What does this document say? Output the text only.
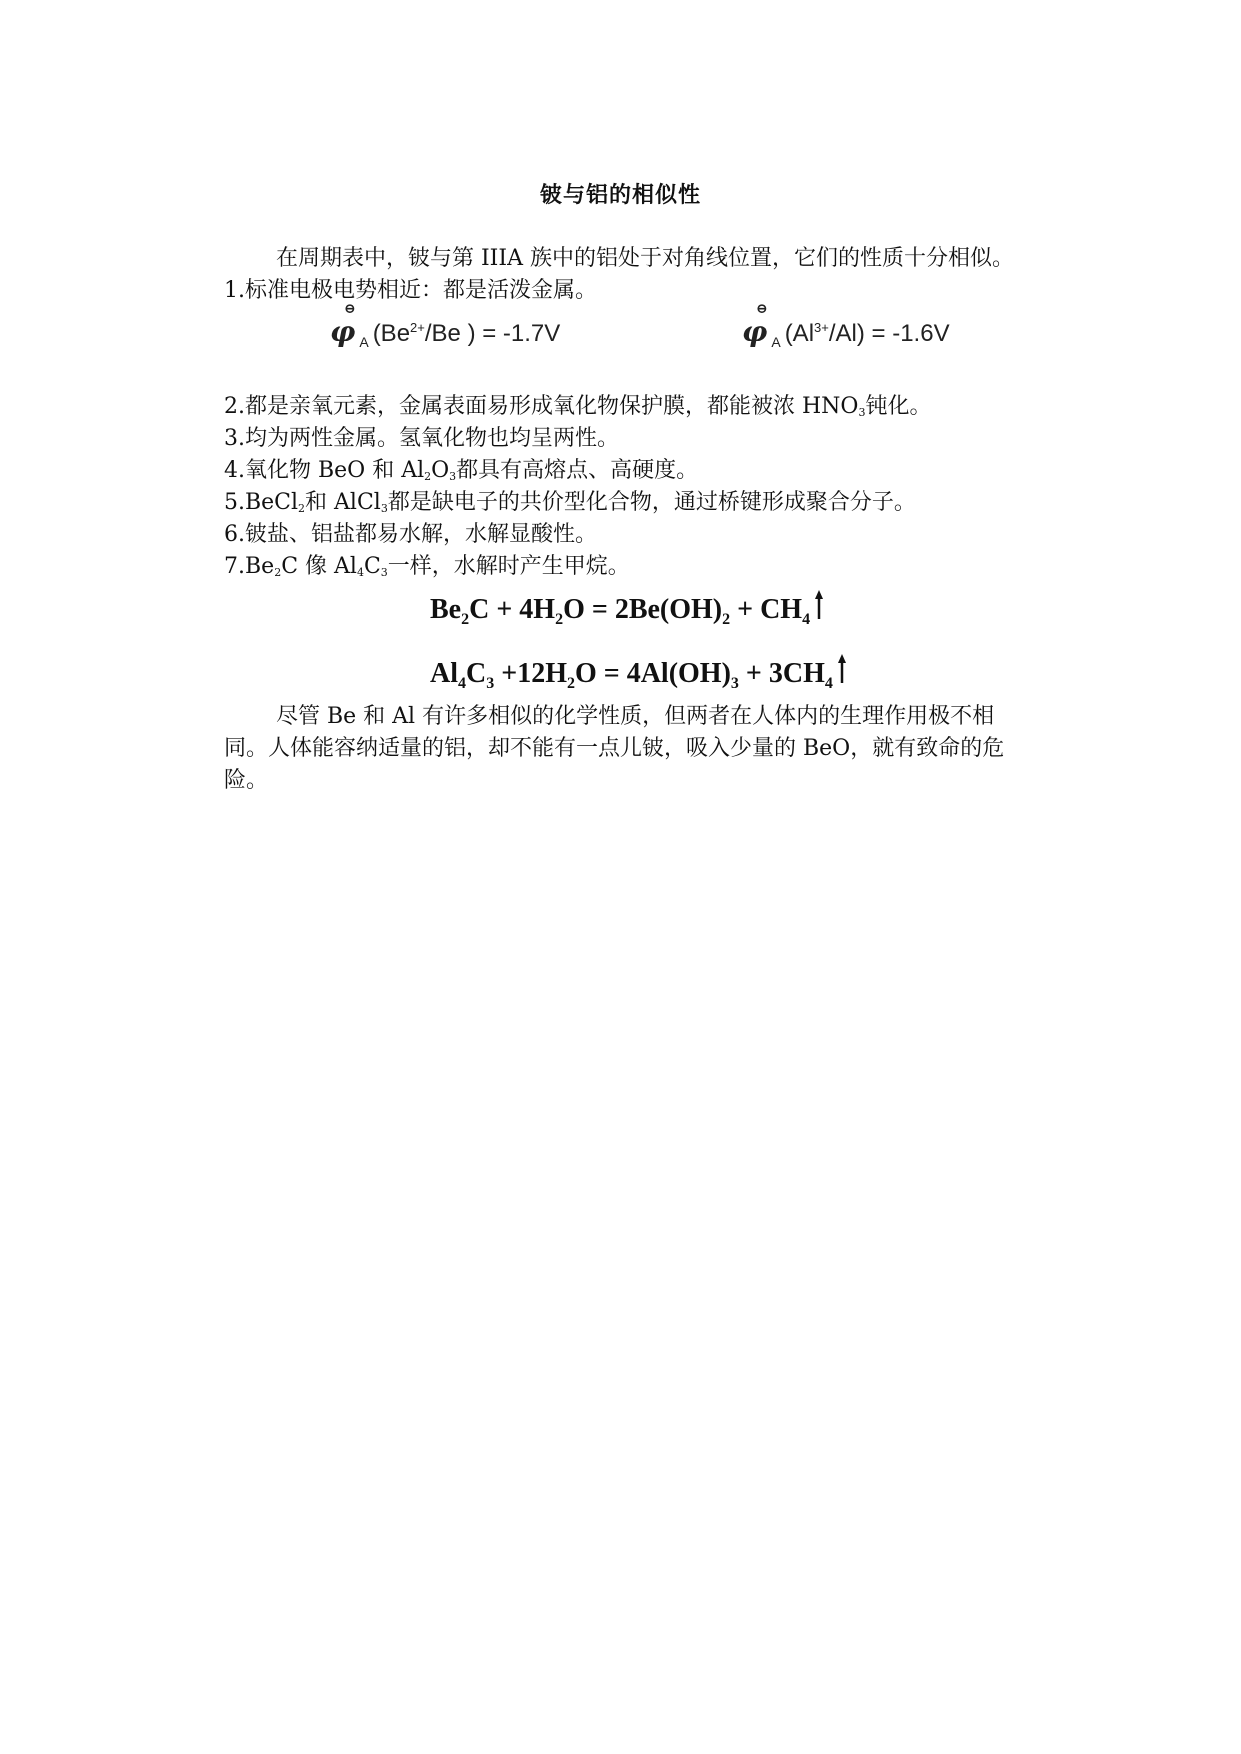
铍与铝的相似性
在周期表中，铍与第 IIIA 族中的铝处于对角线位置，它们的性质十分相似。
1.标准电极电势相近：都是活泼金属。
φ
⊖
$_A$ ($Be^{2+}/Be$ ) = -1.7V	φ
⊖
$_A$ $(Al^{3+}/Al) = -1.6V$
2.都是亲氧元素，金属表面易形成氧化物保护膜，都能被浓 $HNO_3$钝化。
3.均为两性金属。氢氧化物也均呈两性。
4.氧化物 BeO 和 $Al_2O_3$都具有高熔点、高硬度。
5.BeCl$_2$和 AlCl$_3$都是缺电子的共价型化合物，通过桥键形成聚合分子。
6.铍盐、铝盐都易水解，水解显酸性。
$7.Be_2C$ 像 $Al_4C_3$一样，水解时产生甲烷。
$Be_2C + 4H_2O = 2Be(OH)_2 + CH_4$
$Al_4C_3 +12H_2O = 4Al(OH)_3 + 3CH_4$
尽管 Be 和 Al 有许多相似的化学性质，但两者在人体内的生理作用极不相
同。人体能容纳适量的铝，却不能有一点儿铍，吸入少量的 BeO，就有致命的危
险。
